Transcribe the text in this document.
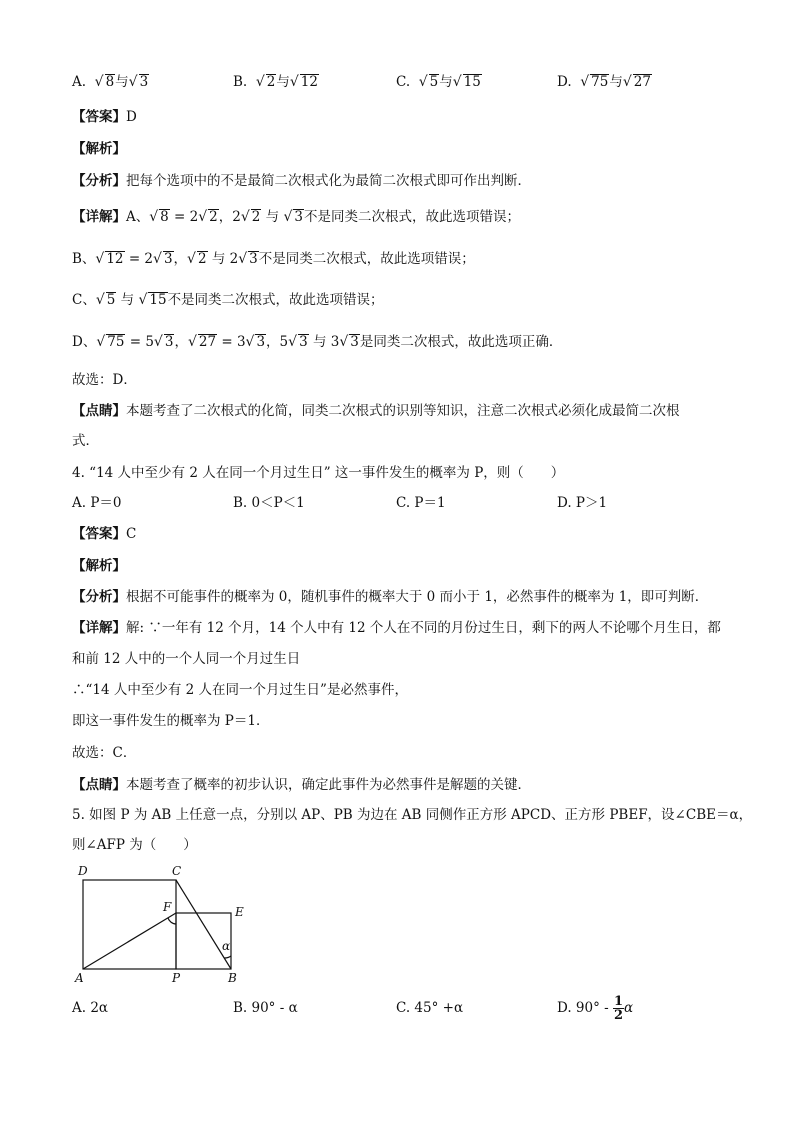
A. √ 8与√ 3	B. √ 2与√ 12	C. √ 5与√ 15	D. √ 75与√ 27
【答案】D
【解析】
【分析】把每个选项中的不是最简二次根式化为最简二次根式即可作出判断．
【详解】A、√ 8 = 2√ 2，2√ 2 与 √ 3不是同类二次根式，故此选项错误；
B、√ 12 = 2√ 3，√ 2 与 2√ 3不是同类二次根式，故此选项错误；
C、√ 5 与 √ 15不是同类二次根式，故此选项错误；
D、√ 75 = 5√ 3，√ 27 = 3√ 3，5√ 3 与 3√ 3是同类二次根式，故此选项正确．
故选：D．
【点睛】本题考查了二次根式的化简，同类二次根式的识别等知识，注意二次根式必须化成最简二次根
式．
4. “14 人中至少有 2 人在同一个月过生日” 这一事件发生的概率为 P，则（　　）
A. P＝0	B. 0＜P＜1	C. P＝1	D. P＞1
【答案】C
【解析】
【分析】根据不可能事件的概率为 0，随机事件的概率大于 0 而小于 1，必然事件的概率为 1，即可判断．
【详解】解: ∵一年有 12 个月，14 个人中有 12 个人在不同的月份过生日，剩下的两人不论哪个月生日，都
和前 12 人中的一个人同一个月过生日
∴“14 人中至少有 2 人在同一个月过生日”是必然事件，
即这一事件发生的概率为 P＝1．
故选：C．
【点睛】本题考查了概率的初步认识，确定此事件为必然事件是解题的关键．
5. 如图 P 为 AB 上任意一点，分别以 AP、PB 为边在 AB 同侧作正方形 APCD、正方形 PBEF，设∠CBE＝α，
则∠AFP 为（　　）
D	C
F	E
α
A	P	B
A. 2α	B. 90° - α	C. 45° +α	D. $90^\circ - \frac{1}{2}$ α
